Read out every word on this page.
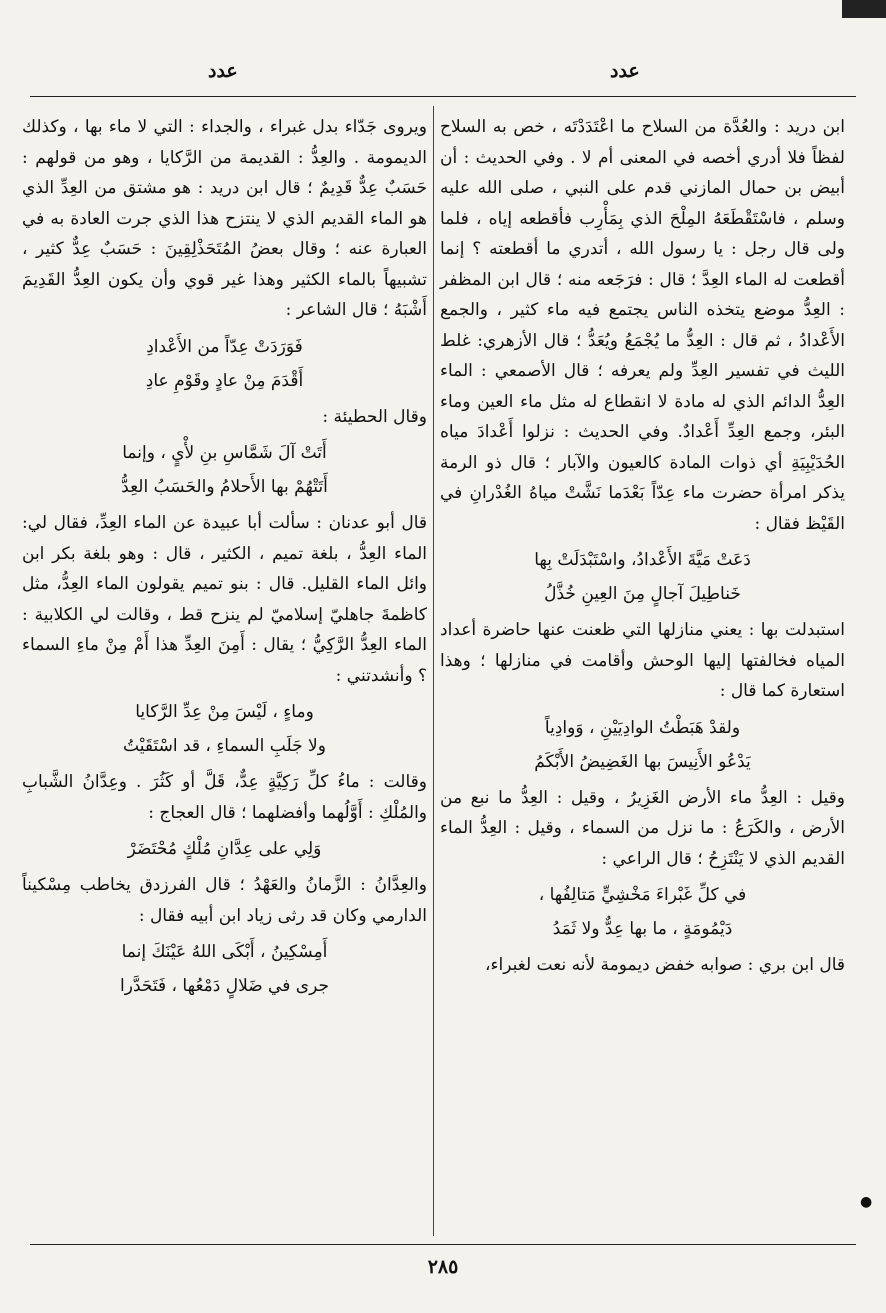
عدد	عدد

ابن دريد : والعُدَّة من السلاح ما اعْتَدَدْتَه ، خص به السلاح لفظاً فلا أدري أخصه في المعنى أم لا . وفي الحديث : أن أبيض بن حمال المازني قدم على النبي ، صلى الله عليه وسلم ، فاسْتَقْطَعَهُ المِلْحَ الذي بِمَأْرِب فأقطعه إياه ، فلما ولى قال رجل : يا رسول الله ، أتدري ما أقطعته ؟ إنما أقطعت له الماء العِدَّ ؛ قال : فرَجَعه منه ؛ قال ابن المظفر : العِدُّ موضع يتخذه الناس يجتمع فيه ماء كثير ، والجمع الأَعْدادُ ، ثم قال : العِدُّ ما يُجْمَعُ ويُعَدُّ ؛ قال الأزهري: غلط الليث في تفسير العِدِّ ولم يعرفه ؛ قال الأصمعي : الماء العِدُّ الدائم الذي له مادة لا انقطاع له مثل ماء العين وماء البئر، وجمع العِدِّ أَعْدادٌ. وفي الحديث : نزلوا أَعْدادَ مياه الحُدَيْبِيَةِ أي ذوات المادة كالعيون والآبار ؛ قال ذو الرمة يذكر امرأة حضرت ماء عِدّاً بَعْدَما نَشَّتْ مياهُ الغُدْرانِ في القَيْظ فقال :

دَعَتْ مَيَّةَ الأَعْدادُ، واسْتَبْدَلَتْ بِها
خَناطِيلَ آجالٍ مِنَ العِينِ خُذَّلُ

استبدلت بها : يعني منازلها التي ظعنت عنها حاضرة أعداد المياه فخالفتها إليها الوحش وأقامت في منازلها ؛ وهذا استعارة كما قال :

ولقدْ هَبَطْتُ الوادِيَيْنِ ، وَوادِياً
يَدْعُو الأَنِيسَ بها الغَضِيضُ الأَبْكَمُ

وقيل : العِدُّ ماء الأرض الغَزِيرُ ، وقيل : العِدُّ ما نبع من الأرض ، والكَرَعُ : ما نزل من السماء ، وقيل : العِدُّ الماء القديم الذي لا يَنْتَزِحُ ؛ قال الراعي :

في كلِّ غَبْراءَ مَخْشِيٍّ مَتالِفُها ،
دَيْمُومَةٍ ، ما بها عِدٌّ ولا ثَمَدُ

قال ابن بري : صوابه خفض ديمومة لأنه نعت لغبراء،

ويروى جَدّاء بدل غبراء ، والجداء : التي لا ماء بها ، وكذلك الديمومة . والعِدُّ : القديمة من الرَّكايا ، وهو من قولهم : حَسَبٌ عِدٌّ قَدِيمٌ ؛ قال ابن دريد : هو مشتق من العِدِّ الذي هو الماء القديم الذي لا ينتزح هذا الذي جرت العادة به في العبارة عنه ؛ وقال بعضُ المُتَحَذْلِقِينَ : حَسَبٌ عِدٌّ كثير ، تشبيهاً بالماء الكثير وهذا غير قوي وأن يكون العِدُّ القَدِيمَ أَشْبَهُ ؛ قال الشاعر :

فَوَرَدَتْ عِدّاً من الأَعْدادِ
أَقْدَمَ مِنْ عادٍ وقَوْمِ عادِ

وقال الحطيئة :

أَتَتْ آلَ شَمَّاسِ بنِ لأْيٍ ، وإنما
أَتَتْهُمْ بها الأَحلامُ والحَسَبُ العِدُّ

قال أبو عدنان : سألت أبا عبيدة عن الماء العِدِّ، فقال لي: الماء العِدُّ ، بلغة تميم ، الكثير ، قال : وهو بلغة بكر ابن وائل الماء القليل. قال : بنو تميم يقولون الماء العِدُّ، مثل كاظمةَ جاهليّ إسلاميّ لم ينزح قط ، وقالت لي الكلابية : الماء العِدُّ الرَّكِيُّ ؛ يقال : أَمِنَ العِدِّ هذا أَمْ مِنْ ماءِ السماء ؟ وأنشدتني :

وماءٍ ، لَيْسَ مِنْ عِدِّ الرَّكايا
ولا جَلَبِ السماءِ ، قد اسْتَقَيْتُ

وقالت : ماءُ كلِّ رَكِيَّةٍ عِدٌّ، قَلَّ أو كَثُرَ . وعِدَّانُ الشَّبابِ والمُلْكِ : أَوَّلُهما وأفضلهما ؛ قال العجاج :

وَلِي على عِدَّانِ مُلْكٍ مُحْتَضَرْ

والعِدَّانُ : الزَّمانُ والعَهْدُ ؛ قال الفرزدق يخاطب مِسْكيناً الدارمي وكان قد رثى زياد ابن أبيه فقال :

أَمِسْكِينُ ، أَبْكَى اللهُ عَيْنَكَ إنما
جرى في ضَلالٍ دَمْعُها ، فَتَحَدَّرا
●
٢٨٥
